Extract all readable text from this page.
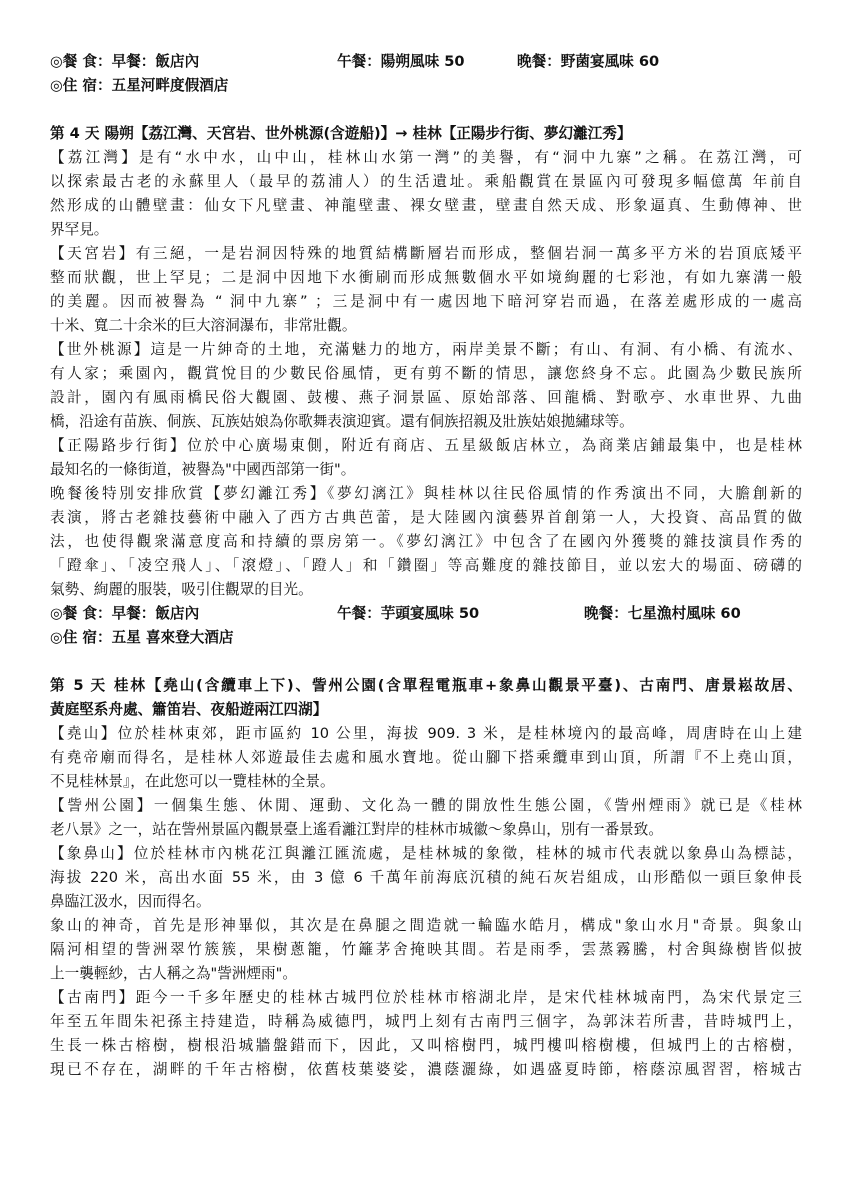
◎餐 食：早餐：飯店內	午餐：陽朔風味 50	晚餐：野菌宴風味 60
◎住 宿：五星河畔度假酒店
第 4 天 陽朔【荔江灣、天宮岩、世外桃源(含遊船)】→ 桂林【正陽步行街、夢幻灕江秀】
【荔江灣】是有“水中水，山中山，桂林山水第一灣”的美譽，有“洞中九寨”之稱。在荔江灣，可
以探索最古老的永蘇里人（最早的荔浦人）的生活遺址。乘船觀賞在景區內可發現多幅億萬 年前自
然形成的山體壁畫：仙女下凡壁畫、神龍壁畫、裸女壁畫，壁畫自然天成、形象逼真、生動傳神、世
界罕見。
【天宮岩】有三絕，一是岩洞因特殊的地質結構斷層岩而形成，整個岩洞一萬多平方米的岩頂底矮平
整而狀觀，世上罕見；二是洞中因地下水衝刷而形成無數個水平如境絢麗的七彩池，有如九寨溝一般
的美麗。因而被譽為 “ 洞中九寨” ；三是洞中有一處因地下暗河穿岩而過，在落差處形成的一處高
十米、寬二十余米的巨大溶洞瀑布，非常壯觀。
【世外桃源】這是一片紳奇的土地，充滿魅力的地方，兩岸美景不斷；有山、有洞、有小橋、有流水、
有人家；乘園內，觀賞悅目的少數民俗風情，更有剪不斷的情思，讓您終身不忘。此園為少數民族所
設計，園內有風雨橋民俗大觀園、鼓樓、燕子洞景區、原始部落、回龍橋、對歌亭、水車世界、九曲
橋，沿途有苗族、侗族、瓦族姑娘為你歌舞表演迎賓。還有侗族招親及壯族姑娘拋繡球等。
【正陽路步行街】位於中心廣場東側，附近有商店、五星級飯店林立，為商業店鋪最集中，也是桂林
最知名的一條街道，被譽為"中國西部第一街"。
晚餐後特別安排欣賞【夢幻灕江秀】《夢幻漓江》與桂林以往民俗風情的作秀演出不同，大膽創新的
表演，將古老雜技藝術中融入了西方古典芭蕾，是大陸國內演藝界首創第一人，大投資、高品質的做
法，也使得觀衆滿意度高和持續的票房第一。《夢幻漓江》中包含了在國內外獲獎的雜技演員作秀的
「蹬傘」、「凌空飛人」、「滾燈」、「蹬人」和「鑽圈」等高難度的雜技節目，並以宏大的場面、磅礴的
氣勢、絢麗的服裝，吸引住觀眾的目光。
◎餐 食：早餐：飯店內	午餐：芋頭宴風味 50	晚餐：七星漁村風味 60
◎住 宿：五星 喜來登大酒店
第 5 天 桂林【堯山(含纜車上下)、訾州公園(含單程電瓶車+象鼻山觀景平臺)、古南門、唐景崧故居、
黃庭堅系舟處、簫笛岩、夜船遊兩江四湖】
【堯山】位於桂林東郊，距市區約 10 公里，海拔 909. 3 米，是桂林境內的最高峰，周唐時在山上建
有堯帝廟而得名，是桂林人郊遊最佳去處和風水寶地。從山腳下搭乘纜車到山頂，所謂『不上堯山頂，
不見桂林景』，在此您可以一覽桂林的全景。
【訾州公園】一個集生態、休閒、運動、文化為一體的開放性生態公園，《訾州煙雨》就已是《桂林
老八景》之一，站在訾州景區內觀景臺上遙看灕江對岸的桂林市城徽～象鼻山，別有一番景致。
【象鼻山】位於桂林市內桃花江與灕江匯流處，是桂林城的象徵，桂林的城市代表就以象鼻山為標誌，
海拔 220 米，高出水面 55 米，由 3 億 6 千萬年前海底沉積的純石灰岩組成，山形酷似一頭巨象伸長
鼻臨江汲水，因而得名。
象山的神奇，首先是形神畢似，其次是在鼻腿之間造就一輪臨水皓月，構成"象山水月"奇景。與象山
隔河相望的訾洲翠竹簇簇，果樹蔥籠，竹籬茅舍掩映其間。若是雨季，雲蒸霧騰，村舍與綠樹皆似披
上一襲輕紗，古人稱之為"訾洲煙雨"。
【古南門】距今一千多年歷史的桂林古城門位於桂林市榕湖北岸，是宋代桂林城南門，為宋代景定三
年至五年間朱祀孫主持建造，時稱為威德門，城門上刻有古南門三個字，為郭沫若所書，昔時城門上，
生長一株古榕樹，樹根沿城牆盤錯而下，因此，又叫榕樹門，城門樓叫榕樹樓，但城門上的古榕樹，
現已不存在，湖畔的千年古榕樹，依舊枝葉婆娑，濃蔭灑綠，如遇盛夏時節，榕蔭涼風習習，榕城古
